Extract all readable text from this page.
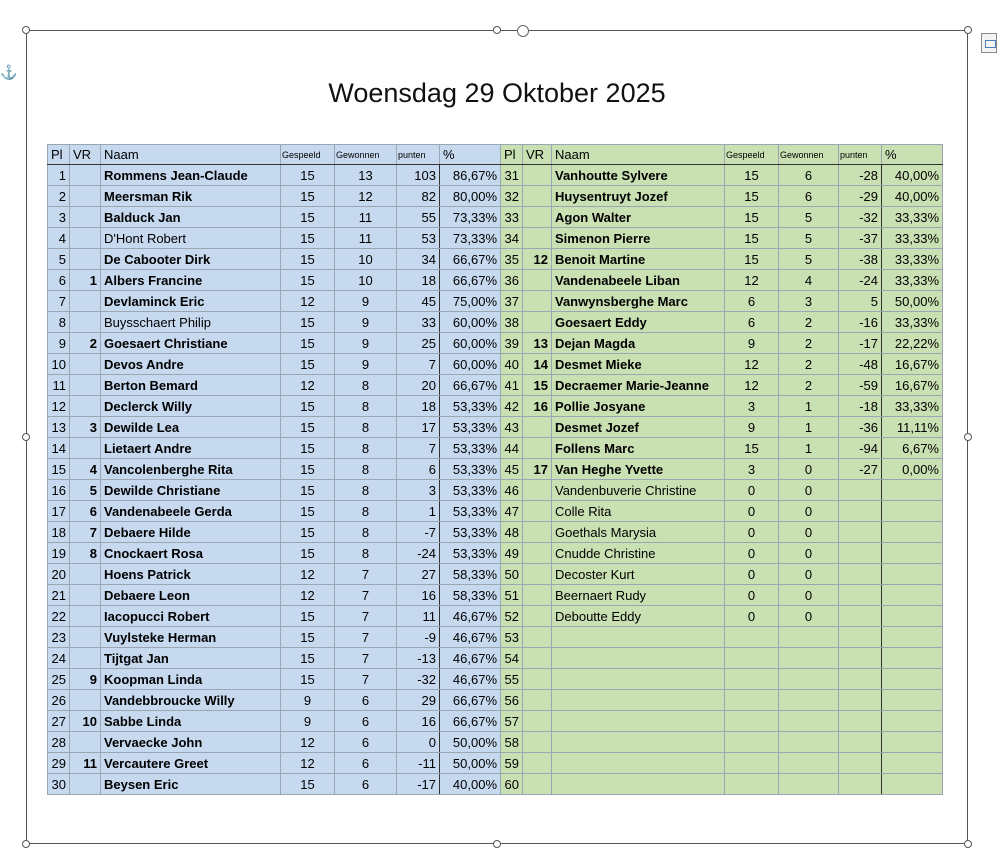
⚓
Woensdag 29 Oktober 2025
Pl	VR	Naam	Gespeeld	Gewonnen	punten	%
1		Rommens Jean-Claude	15	13	103	86,67%
2		Meersman Rik	15	12	82	80,00%
3		Balduck Jan	15	11	55	73,33%
4		D'Hont Robert	15	11	53	73,33%
5		De Cabooter Dirk	15	10	34	66,67%
6	1	Albers Francine	15	10	18	66,67%
7		Devlaminck Eric	12	9	45	75,00%
8		Buysschaert Philip	15	9	33	60,00%
9	2	Goesaert Christiane	15	9	25	60,00%
10		Devos Andre	15	9	7	60,00%
11		Berton Bemard	12	8	20	66,67%
12		Declerck Willy	15	8	18	53,33%
13	3	Dewilde Lea	15	8	17	53,33%
14		Lietaert Andre	15	8	7	53,33%
15	4	Vancolenberghe Rita	15	8	6	53,33%
16	5	Dewilde Christiane	15	8	3	53,33%
17	6	Vandenabeele Gerda	15	8	1	53,33%
18	7	Debaere Hilde	15	8	-7	53,33%
19	8	Cnockaert Rosa	15	8	-24	53,33%
20		Hoens Patrick	12	7	27	58,33%
21		Debaere Leon	12	7	16	58,33%
22		Iacopucci Robert	15	7	11	46,67%
23		Vuylsteke Herman	15	7	-9	46,67%
24		Tijtgat Jan	15	7	-13	46,67%
25	9	Koopman Linda	15	7	-32	46,67%
26		Vandebbroucke Willy	9	6	29	66,67%
27	10	Sabbe Linda	9	6	16	66,67%
28		Vervaecke John	12	6	0	50,00%
29	11	Vercautere Greet	12	6	-11	50,00%
30		Beysen Eric	15	6	-17	40,00%
Pl	VR	Naam	Gespeeld	Gewonnen	punten	%
31		Vanhoutte Sylvere	15	6	-28	40,00%
32		Huysentruyt Jozef	15	6	-29	40,00%
33		Agon Walter	15	5	-32	33,33%
34		Simenon Pierre	15	5	-37	33,33%
35	12	Benoit Martine	15	5	-38	33,33%
36		Vandenabeele Liban	12	4	-24	33,33%
37		Vanwynsberghe Marc	6	3	5	50,00%
38		Goesaert Eddy	6	2	-16	33,33%
39	13	Dejan Magda	9	2	-17	22,22%
40	14	Desmet Mieke	12	2	-48	16,67%
41	15	Decraemer Marie-Jeanne	12	2	-59	16,67%
42	16	Pollie Josyane	3	1	-18	33,33%
43		Desmet Jozef	9	1	-36	11,11%
44		Follens Marc	15	1	-94	6,67%
45	17	Van Heghe Yvette	3	0	-27	0,00%
46		Vandenbuverie Christine	0	0		
47		Colle Rita	0	0		
48		Goethals Marysia	0	0		
49		Cnudde Christine	0	0		
50		Decoster Kurt	0	0		
51		Beernaert Rudy	0	0		
52		Deboutte Eddy	0	0		
53						
54						
55						
56						
57						
58						
59						
60						
